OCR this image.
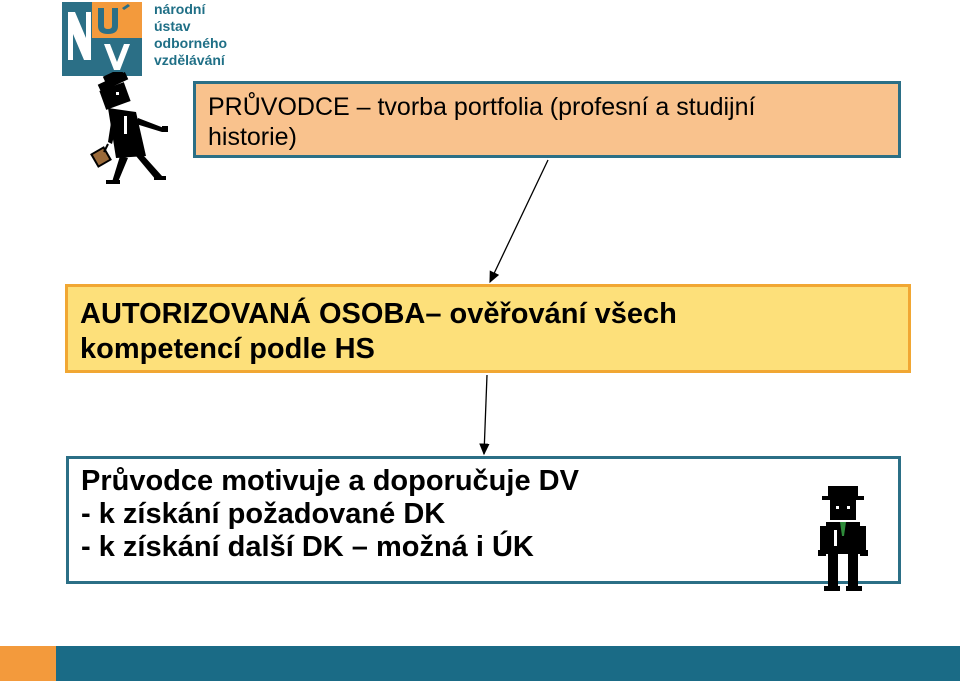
národní
ústav
odborného
vzdělávání
PRŮVODCE – tvorba portfolia (profesní a studijní
historie)
AUTORIZOVANÁ OSOBA– ověřování všech
kompetencí podle HS
Průvodce motivuje a doporučuje DV
- k získání požadované DK
- k získání další DK – možná i ÚK
